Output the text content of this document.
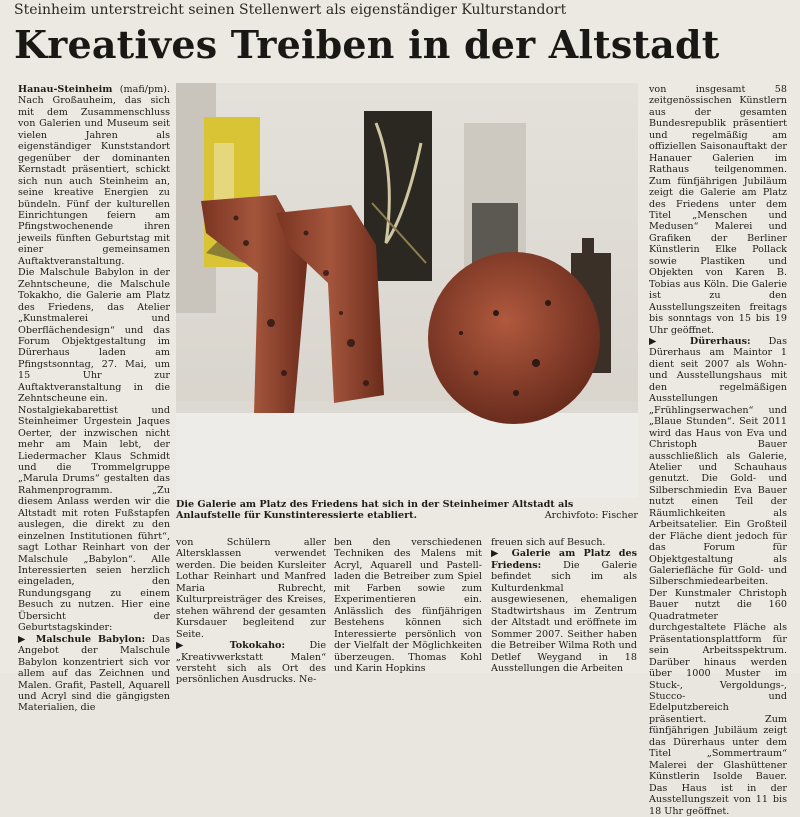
Steinheim unterstreicht seinen Stellenwert als eigenständiger Kulturstandort
Kreatives Treiben in der Altstadt

Hanau-Steinheim (mafi/pm). Nach Großauheim, das sich mit dem Zusammenschluss von Galerien und Museum seit vielen Jahren als eigenständiger Kunststandort gegenüber der dominanten Kernstadt präsentiert, schickt sich nun auch Steinheim an, seine kreative Energien zu bündeln. Fünf der kulturellen Einrichtungen feiern am Pfingstwochenende ihren jeweils fünften Geburtstag mit einer gemeinsamen Auftaktveranstaltung.

Die Malschule Babylon in der Zehntscheune, die Malschule Tokakho, die Galerie am Platz des Friedens, das Atelier „Kunstmalerei und Oberflächendesign“ und das Forum Objektgestaltung im Dürerhaus laden am Pfingstsonntag, 27. Mai, um 15 Uhr zur Auftaktveranstaltung in die Zehntscheune ein.

Nostalgiekabarettist und Steinheimer Urgestein Jaques Oerter, der inzwischen nicht mehr am Main lebt, der Liedermacher Klaus Schmidt und die Trommelgruppe „Marula Drums“ gestalten das Rahmenprogramm. „Zu diesem Anlass werden wir die Altstadt mit roten Fußstapfen auslegen, die direkt zu den einzelnen Institutionen führt“, sagt Lothar Reinhart von der Malschule „Babylon“. Alle Interessierten seien herzlich eingeladen, den Rundungsgang zu einem Besuch zu nutzen. Hier eine Übersicht der Geburtstagskinder:

▶ Malschule Babylon: Das Angebot der Malschule Babylon konzentriert sich vor allem auf das Zeichnen und Malen. Grafit, Pastell, Aquarell und Acryl sind die gängigsten Materialien, die

Die Galerie am Platz des Friedens hat sich in der Steinheimer Altstadt als Anlaufstelle für Kunstinteressierte etabliert.	Archivfoto: Fischer

von insgesamt 58 zeitgenössischen Künstlern aus der gesamten Bundesrepublik präsentiert und regelmäßig am offiziellen Saisonauftakt der Hanauer Galerien im Rathaus teilgenommen. Zum fünfjährigen Jubiläum zeigt die Galerie am Platz des Friedens unter dem Titel „Menschen und Medusen“ Malerei und Grafiken der Berliner Künstlerin Elke Pollack sowie Plastiken und Objekten von Karen B. Tobias aus Köln. Die Galerie ist zu den Ausstellungszeiten freitags bis sonntags von 15 bis 19 Uhr geöffnet.

▶ Dürerhaus: Das Dürerhaus am Maintor 1 dient seit 2007 als Wohn- und Ausstellungshaus mit den regelmäßigen Ausstellungen „Frühlingserwachen“ und „Blaue Stunden“. Seit 2011 wird das Haus von Eva und Christoph Bauer ausschließlich als Galerie, Atelier und Schauhaus genutzt. Die Gold- und Silberschmiedin Eva Bauer nutzt einen Teil der Räumlichkeiten als Arbeitsatelier. Ein Großteil der Fläche dient jedoch für das Forum für Objektgestaltung als Galeriefläche für Gold- und Silberschmiedearbeiten.

Der Kunstmaler Christoph Bauer nutzt die 160 Quadratmeter durchgestaltete Fläche als Präsentationsplattform für sein Arbeitsspektrum. Darüber hinaus werden über 1000 Muster im Stuck-, Vergoldungs-, Stucco- und Edelputzbereich präsentiert. Zum fünfjährigen Jubiläum zeigt das Dürerhaus unter dem Titel „Sommertraum“ Malerei der Glashüttener Künstlerin Isolde Bauer. Das Haus ist in der Ausstellungszeit von 11 bis 18 Uhr geöffnet.

von Schülern aller Altersklassen verwendet werden. Die beiden Kursleiter Lothar Reinhart und Manfred Maria Rubrecht, Kulturpreisträger des Kreises, stehen während der gesamten Kursdauer begleitend zur Seite.

▶ Tokokaho: Die „Kreativwerkstatt Malen“ versteht sich als Ort des persönlichen Ausdrucks. Ne-

ben den verschiedenen Techniken des Malens mit Acryl, Aquarell und Pastell-laden die Betreiber zum Spiel mit Farben sowie zum Experimentieren ein. Anlässlich des fünfjährigen Bestehens können sich Interessierte persönlich von der Vielfalt der Möglichkeiten überzeugen. Thomas Kohl und Karin Hopkins

freuen sich auf Besuch.

▶ Galerie am Platz des Friedens: Die Galerie befindet sich im als Kulturdenkmal ausgewiesenen, ehemaligen Stadtwirtshaus im Zentrum der Altstadt und eröffnete im Sommer 2007. Seither haben die Betreiber Wilma Roth und Detlef Weygand in 18 Ausstellungen die Arbeiten
